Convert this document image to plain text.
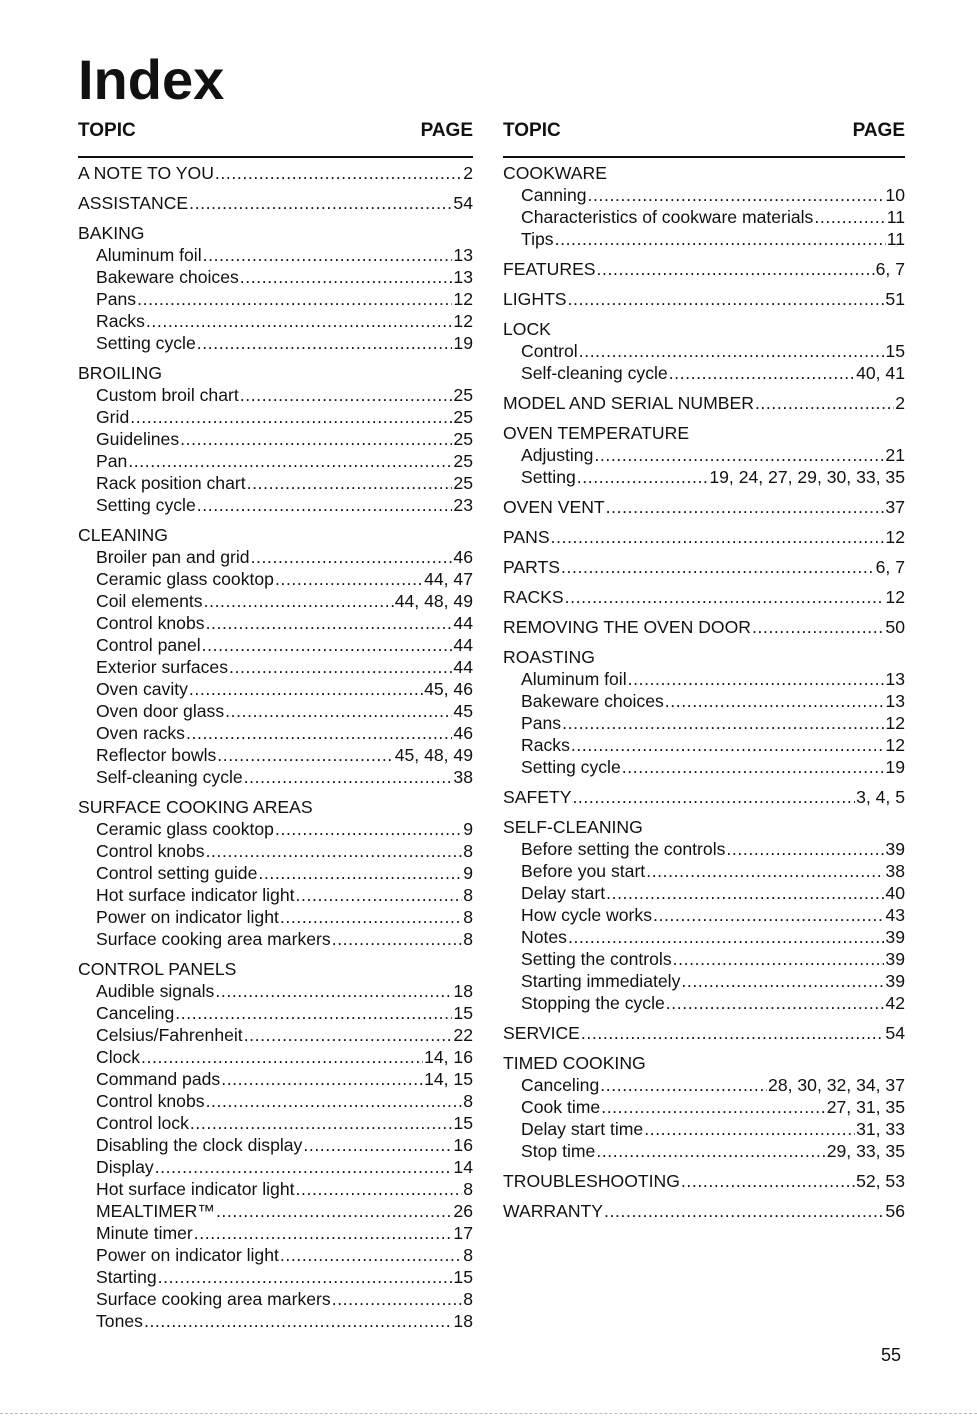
Index
TOPIC	PAGE
A NOTE TO YOU .....	2
ASSISTANCE .....	54
BAKING
Aluminum foil .....	13
Bakeware choices .....	13
Pans .....	12
Racks .....	12
Setting cycle .....	19
BROILING
Custom broil chart .....	25
Grid .....	25
Guidelines .....	25
Pan .....	25
Rack position chart .....	25
Setting cycle .....	23
CLEANING
Broiler pan and grid .....	46
Ceramic glass cooktop .....	44, 47
Coil elements .....	44, 48, 49
Control knobs .....	44
Control panel .....	44
Exterior surfaces .....	44
Oven cavity .....	45, 46
Oven door glass .....	45
Oven racks .....	46
Reflector bowls .....	45, 48, 49
Self-cleaning cycle .....	38
SURFACE COOKING AREAS
Ceramic glass cooktop .....	9
Control knobs .....	8
Control setting guide .....	9
Hot surface indicator light .....	8
Power on indicator light .....	8
Surface cooking area markers .....	8
CONTROL PANELS
Audible signals .....	18
Canceling .....	15
Celsius/Fahrenheit .....	22
Clock .....	14, 16
Command pads .....	14, 15
Control knobs .....	8
Control lock .....	15
Disabling the clock display .....	16
Display .....	14
Hot surface indicator light .....	8
MEALTIMER™ .....	26
Minute timer .....	17
Power on indicator light .....	8
Starting .....	15
Surface cooking area markers .....	8
Tones .....	18
TOPIC	PAGE
COOKWARE
Canning .....	10
Characteristics of cookware materials .....	11
Tips .....	11
FEATURES .....	6, 7
LIGHTS .....	51
LOCK
Control .....	15
Self-cleaning cycle .....	40, 41
MODEL AND SERIAL NUMBER .....	2
OVEN TEMPERATURE
Adjusting .....	21
Setting .....	19, 24, 27, 29, 30, 33, 35
OVEN VENT .....	37
PANS .....	12
PARTS .....	6, 7
RACKS .....	12
REMOVING THE OVEN DOOR .....	50
ROASTING
Aluminum foil .....	13
Bakeware choices .....	13
Pans .....	12
Racks .....	12
Setting cycle .....	19
SAFETY .....	3, 4, 5
SELF-CLEANING
Before setting the controls .....	39
Before you start .....	38
Delay start .....	40
How cycle works .....	43
Notes .....	39
Setting the controls .....	39
Starting immediately .....	39
Stopping the cycle .....	42
SERVICE .....	54
TIMED COOKING
Canceling .....	28, 30, 32, 34, 37
Cook time .....	27, 31, 35
Delay start time .....	31, 33
Stop time .....	29, 33, 35
TROUBLESHOOTING .....	52, 53
WARRANTY .....	56
55
